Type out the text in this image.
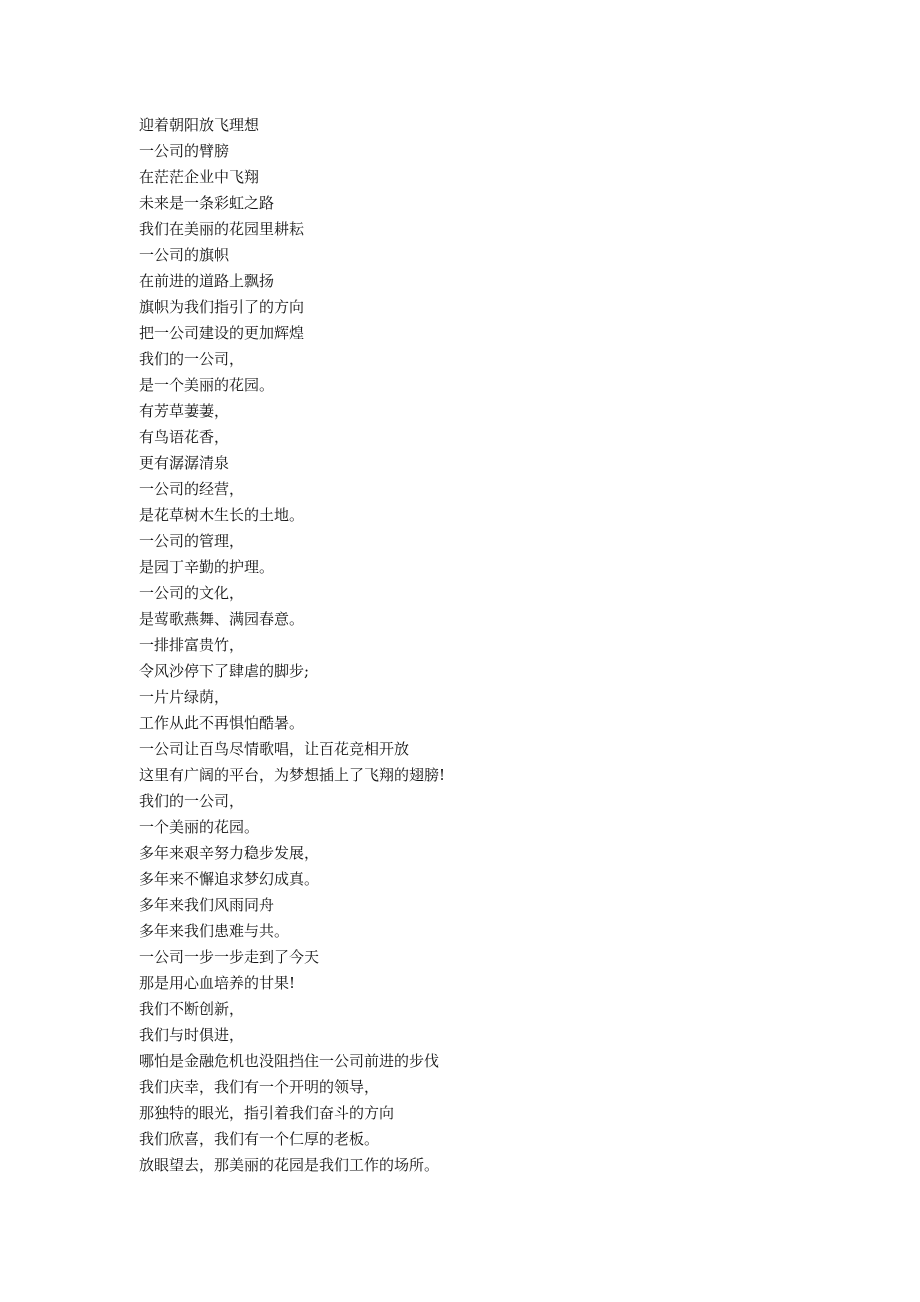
迎着朝阳放飞理想
一公司的臂膀
在茫茫企业中飞翔
未来是一条彩虹之路
我们在美丽的花园里耕耘
一公司的旗帜
在前进的道路上飘扬
旗帜为我们指引了的方向
把一公司建设的更加辉煌
我们的一公司，
是一个美丽的花园。
有芳草萋萋，
有鸟语花香，
更有潺潺清泉
一公司的经营，
是花草树木生长的土地。
一公司的管理，
是园丁辛勤的护理。
一公司的文化，
是莺歌燕舞、满园春意。
一排排富贵竹，
令风沙停下了肆虐的脚步;
一片片绿荫，
工作从此不再惧怕酷暑。
一公司让百鸟尽情歌唱，让百花竞相开放
这里有广阔的平台，为梦想插上了飞翔的翅膀!
我们的一公司，
一个美丽的花园。
多年来艰辛努力稳步发展，
多年来不懈追求梦幻成真。
多年来我们风雨同舟
多年来我们患难与共。
一公司一步一步走到了今天
那是用心血培养的甘果!
我们不断创新，
我们与时俱进，
哪怕是金融危机也没阻挡住一公司前进的步伐
我们庆幸，我们有一个开明的领导，
那独特的眼光，指引着我们奋斗的方向
我们欣喜，我们有一个仁厚的老板。
放眼望去，那美丽的花园是我们工作的场所。
